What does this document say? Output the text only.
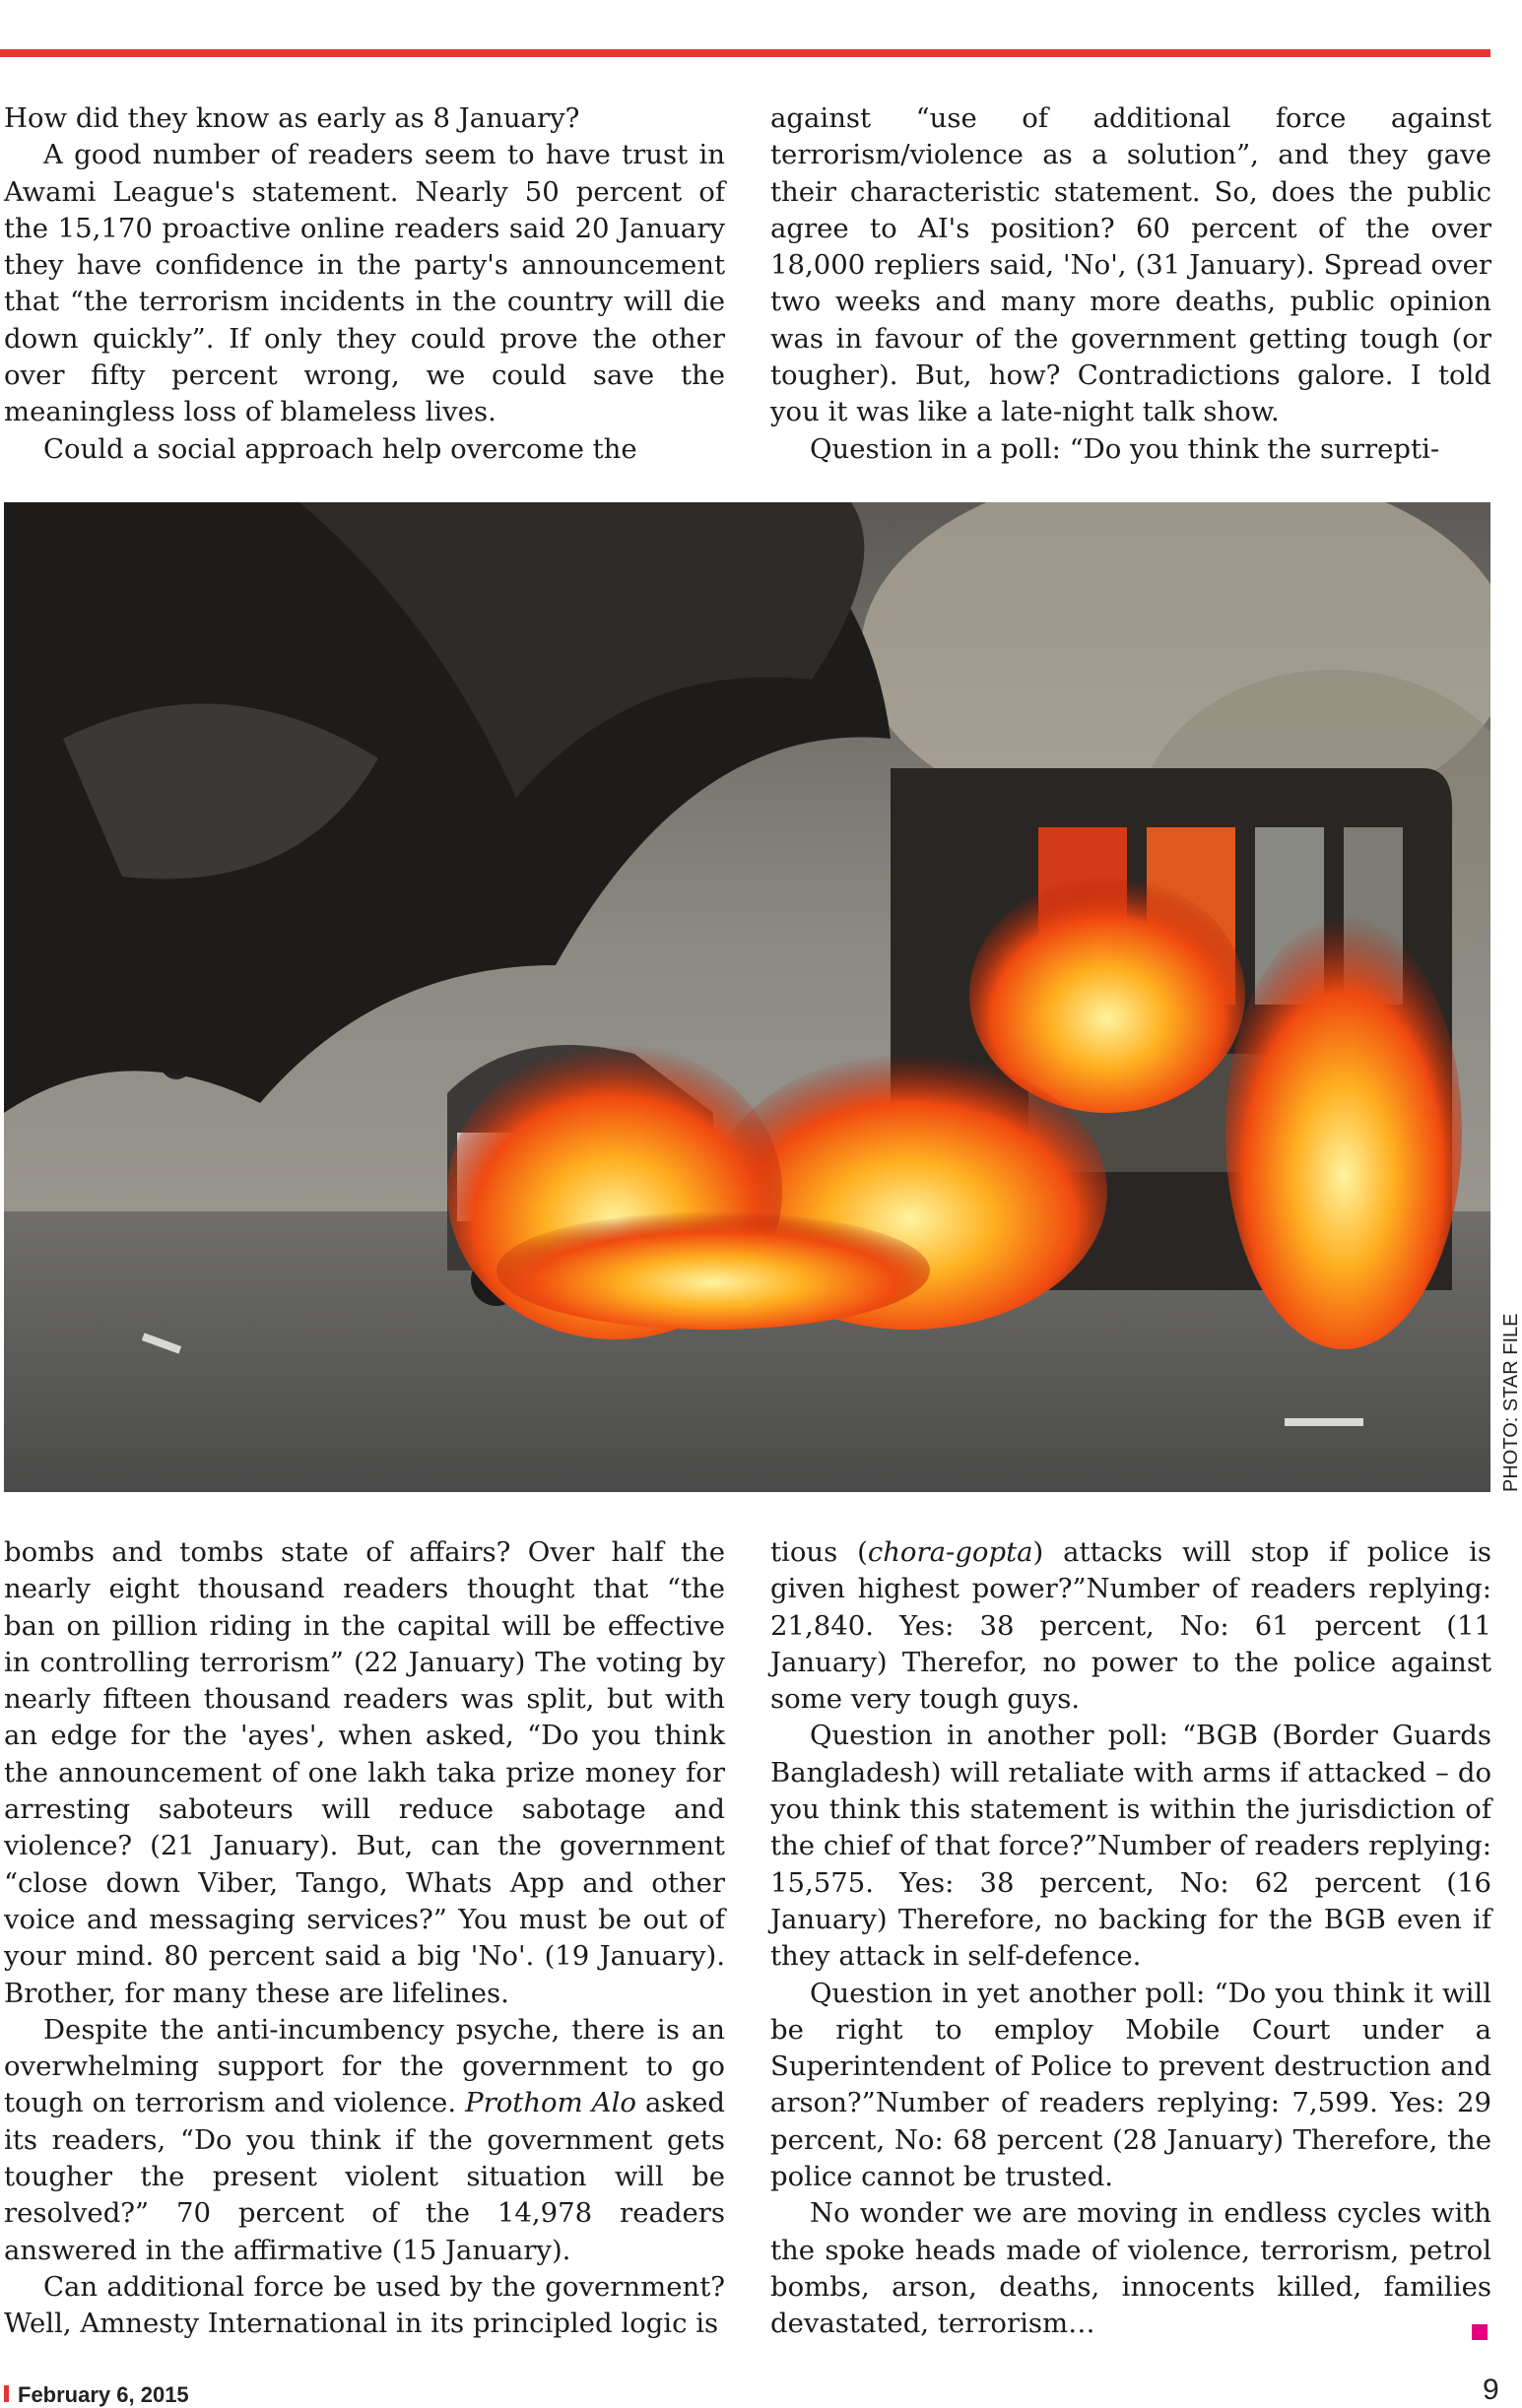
How did they know as early as 8 January?

A good number of readers seem to have trust in Awami League's statement. Nearly 50 percent of the 15,170 proactive online readers said 20 January they have confidence in the party's announcement that “the terrorism incidents in the country will die down quickly”. If only they could prove the other over fifty percent wrong, we could save the meaningless loss of blameless lives.

Could a social approach help overcome the

against “use of additional force against terrorism/violence as a solution”, and they gave their characteristic statement. So, does the public agree to AI's position? 60 percent of the over 18,000 repliers said, 'No', (31 January). Spread over two weeks and many more deaths, public opinion was in favour of the government getting tough (or tougher). But, how? Contradictions galore. I told you it was like a late-night talk show.

Question in a poll: “Do you think the surrepti-

PHOTO: STAR FILE

bombs and tombs state of affairs? Over half the nearly eight thousand readers thought that “the ban on pillion riding in the capital will be effective in controlling terrorism” (22 January) The voting by nearly fifteen thousand readers was split, but with an edge for the 'ayes', when asked, “Do you think the announcement of one lakh taka prize money for arresting saboteurs will reduce sabotage and violence? (21 January). But, can the government “close down Viber, Tango, Whats App and other voice and messaging services?” You must be out of your mind. 80 percent said a big 'No'. (19 January). Brother, for many these are lifelines.

Despite the anti-incumbency psyche, there is an overwhelming support for the government to go tough on terrorism and violence. Prothom Alo asked its readers, “Do you think if the government gets tougher the present violent situation will be resolved?” 70 percent of the 14,978 readers answered in the affirmative (15 January).

Can additional force be used by the government? Well, Amnesty International in its principled logic is

tious (chora-gopta) attacks will stop if police is given highest power?”Number of readers replying: 21,840. Yes: 38 percent, No: 61 percent (11 January) Therefor, no power to the police against some very tough guys.

Question in another poll: “BGB (Border Guards Bangladesh) will retaliate with arms if attacked – do you think this statement is within the jurisdiction of the chief of that force?”Number of readers replying: 15,575. Yes: 38 percent, No: 62 percent (16 January) Therefore, no backing for the BGB even if they attack in self-defence.

Question in yet another poll: “Do you think it will be right to employ Mobile Court under a Superintendent of Police to prevent destruction and arson?”Number of readers replying: 7,599. Yes: 29 percent, No: 68 percent (28 January) Therefore, the police cannot be trusted.

No wonder we are moving in endless cycles with the spoke heads made of violence, terrorism, petrol bombs, arson, deaths, innocents killed, families devastated, terrorism…

February 6, 2015	9
